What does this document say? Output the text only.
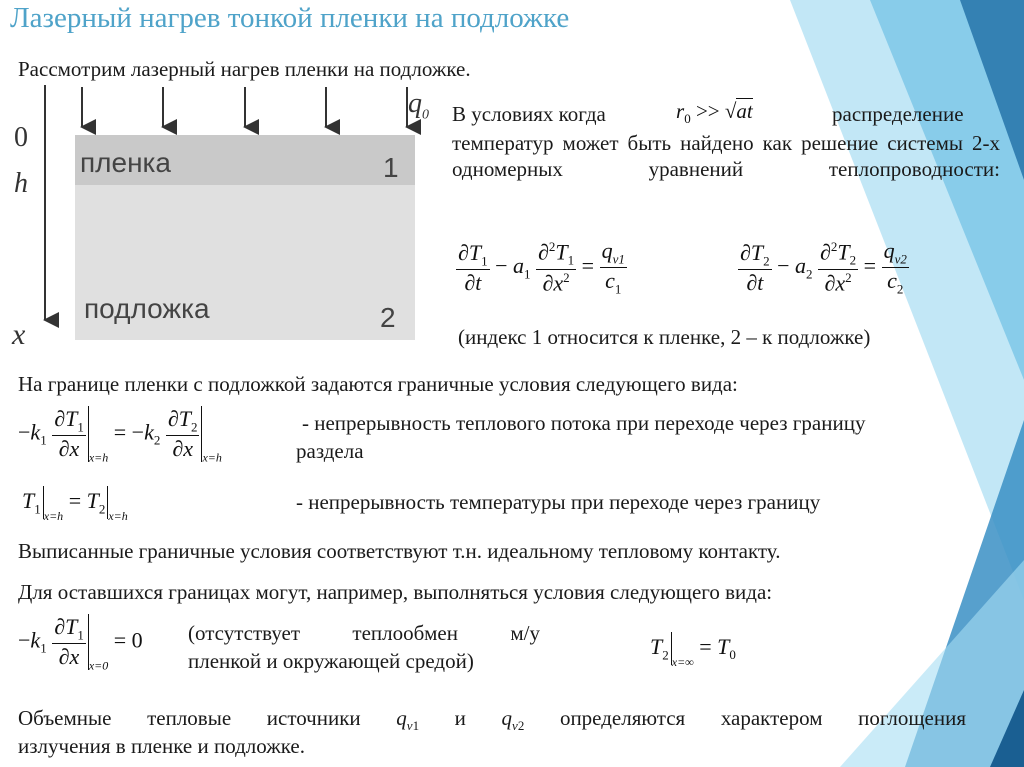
Лазерный нагрев тонкой пленки на подложке
Рассмотрим лазерный нагрев пленки на подложке.
$q_0$
0
h
x
пленка	1
подложка	2
В условиях когда	$r_0 >> √at$	распределение
температур может быть найдено как решение системы 2-х одномерных уравнений теплопроводности:
$\frac{\partial T_1}{\partial t} - a_1 \frac{\partial^2T_1}{\partial x^2} = \frac{q_{v1}}{c_1}$	$\frac{\partial T_2}{\partial t} - a_2 \frac{\partial^2T_2}{\partial x^2} = \frac{q_{v2}}{c_2}$
(индекс 1 относится к пленке, 2 – к подложке)
На границе пленки с подложкой задаются граничные условия следующего вида:
$-k_1 \frac{\partial T_1}{\partial x} _{x=h} = -k_2 \frac{\partial T_2}{\partial x} _{x=h}$
- непрерывность теплового потока при переходе через границу
раздела
$T_1$ $_{x=h} = T_2$ $_{x=h}$
- непрерывность температуры при переходе через границу
Выписанные граничные условия соответствуют т.н. идеальному тепловому контакту.
Для оставшихся границах могут, например, выполняться условия следующего вида:
$-k_1 \frac{\partial T_1}{\partial x} _{x=0} = 0$ (отсутствует теплообмен м/у
пленкой и окружающей средой)
$T_2$ $_{x=\infty} = T_0$
Объемные тепловые источники $q_{v1}$ и $q_{v2}$ определяются характером поглощения
излучения в пленке и подложке.
